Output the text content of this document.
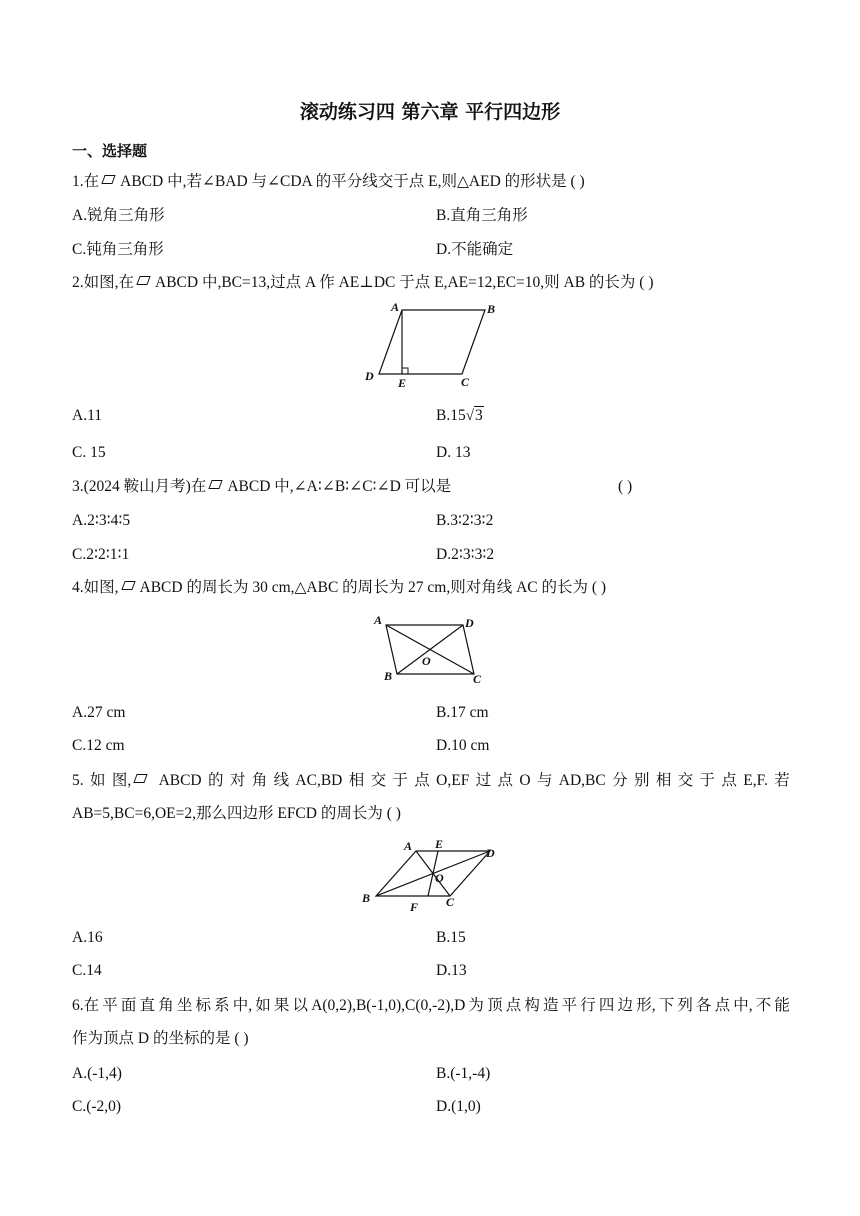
滚动练习四 第六章 平行四边形
一、选择题
1.在 ABCD 中,若∠BAD 与∠CDA 的平分线交于点 E,则△AED 的形状是 ( )
A.锐角三角形	B.直角三角形
C.钝角三角形	D.不能确定
2.如图,在 ABCD 中,BC=13,过点 A 作 AE⊥DC 于点 E,AE=12,EC=10,则 AB 的长为 ( )
A	B
C
D E
A.11	B.15√3
C. 15	D. 13
3.(2024 鞍山月考)在 ABCD 中,∠A∶∠B∶∠C∶∠D 可以是	( )
A.2∶3∶4∶5	B.3∶2∶3∶2
C.2∶2∶1∶1	D.2∶3∶3∶2
4.如图, ABCD 的周长为 30 cm,△ABC 的周长为 27 cm,则对角线 AC 的长为 ( )
A	D
O
B	C
A.27 cm	B.17 cm
C.12 cm	D.10 cm
5. 如 图,	ABCD 的 对 角 线 AC,BD 相 交 于 点 O,EF 过 点 O 与 AD,BC 分 别 相 交 于 点 E,F. 若
AB=5,BC=6,OE=2,那么四边形 EFCD 的周长为 ( )
A E
D
O
B
F C
A.16	B.15
C.14	D.13
6.在 平 面 直 角 坐 标 系 中, 如 果 以 A(0,2),B(-1,0),C(0,-2),D 为 顶 点 构 造 平 行 四 边 形, 下 列 各 点 中, 不 能
作为顶点 D 的坐标的是 ( )
A.(-1,4)	B.(-1,-4)
C.(-2,0)	D.(1,0)
